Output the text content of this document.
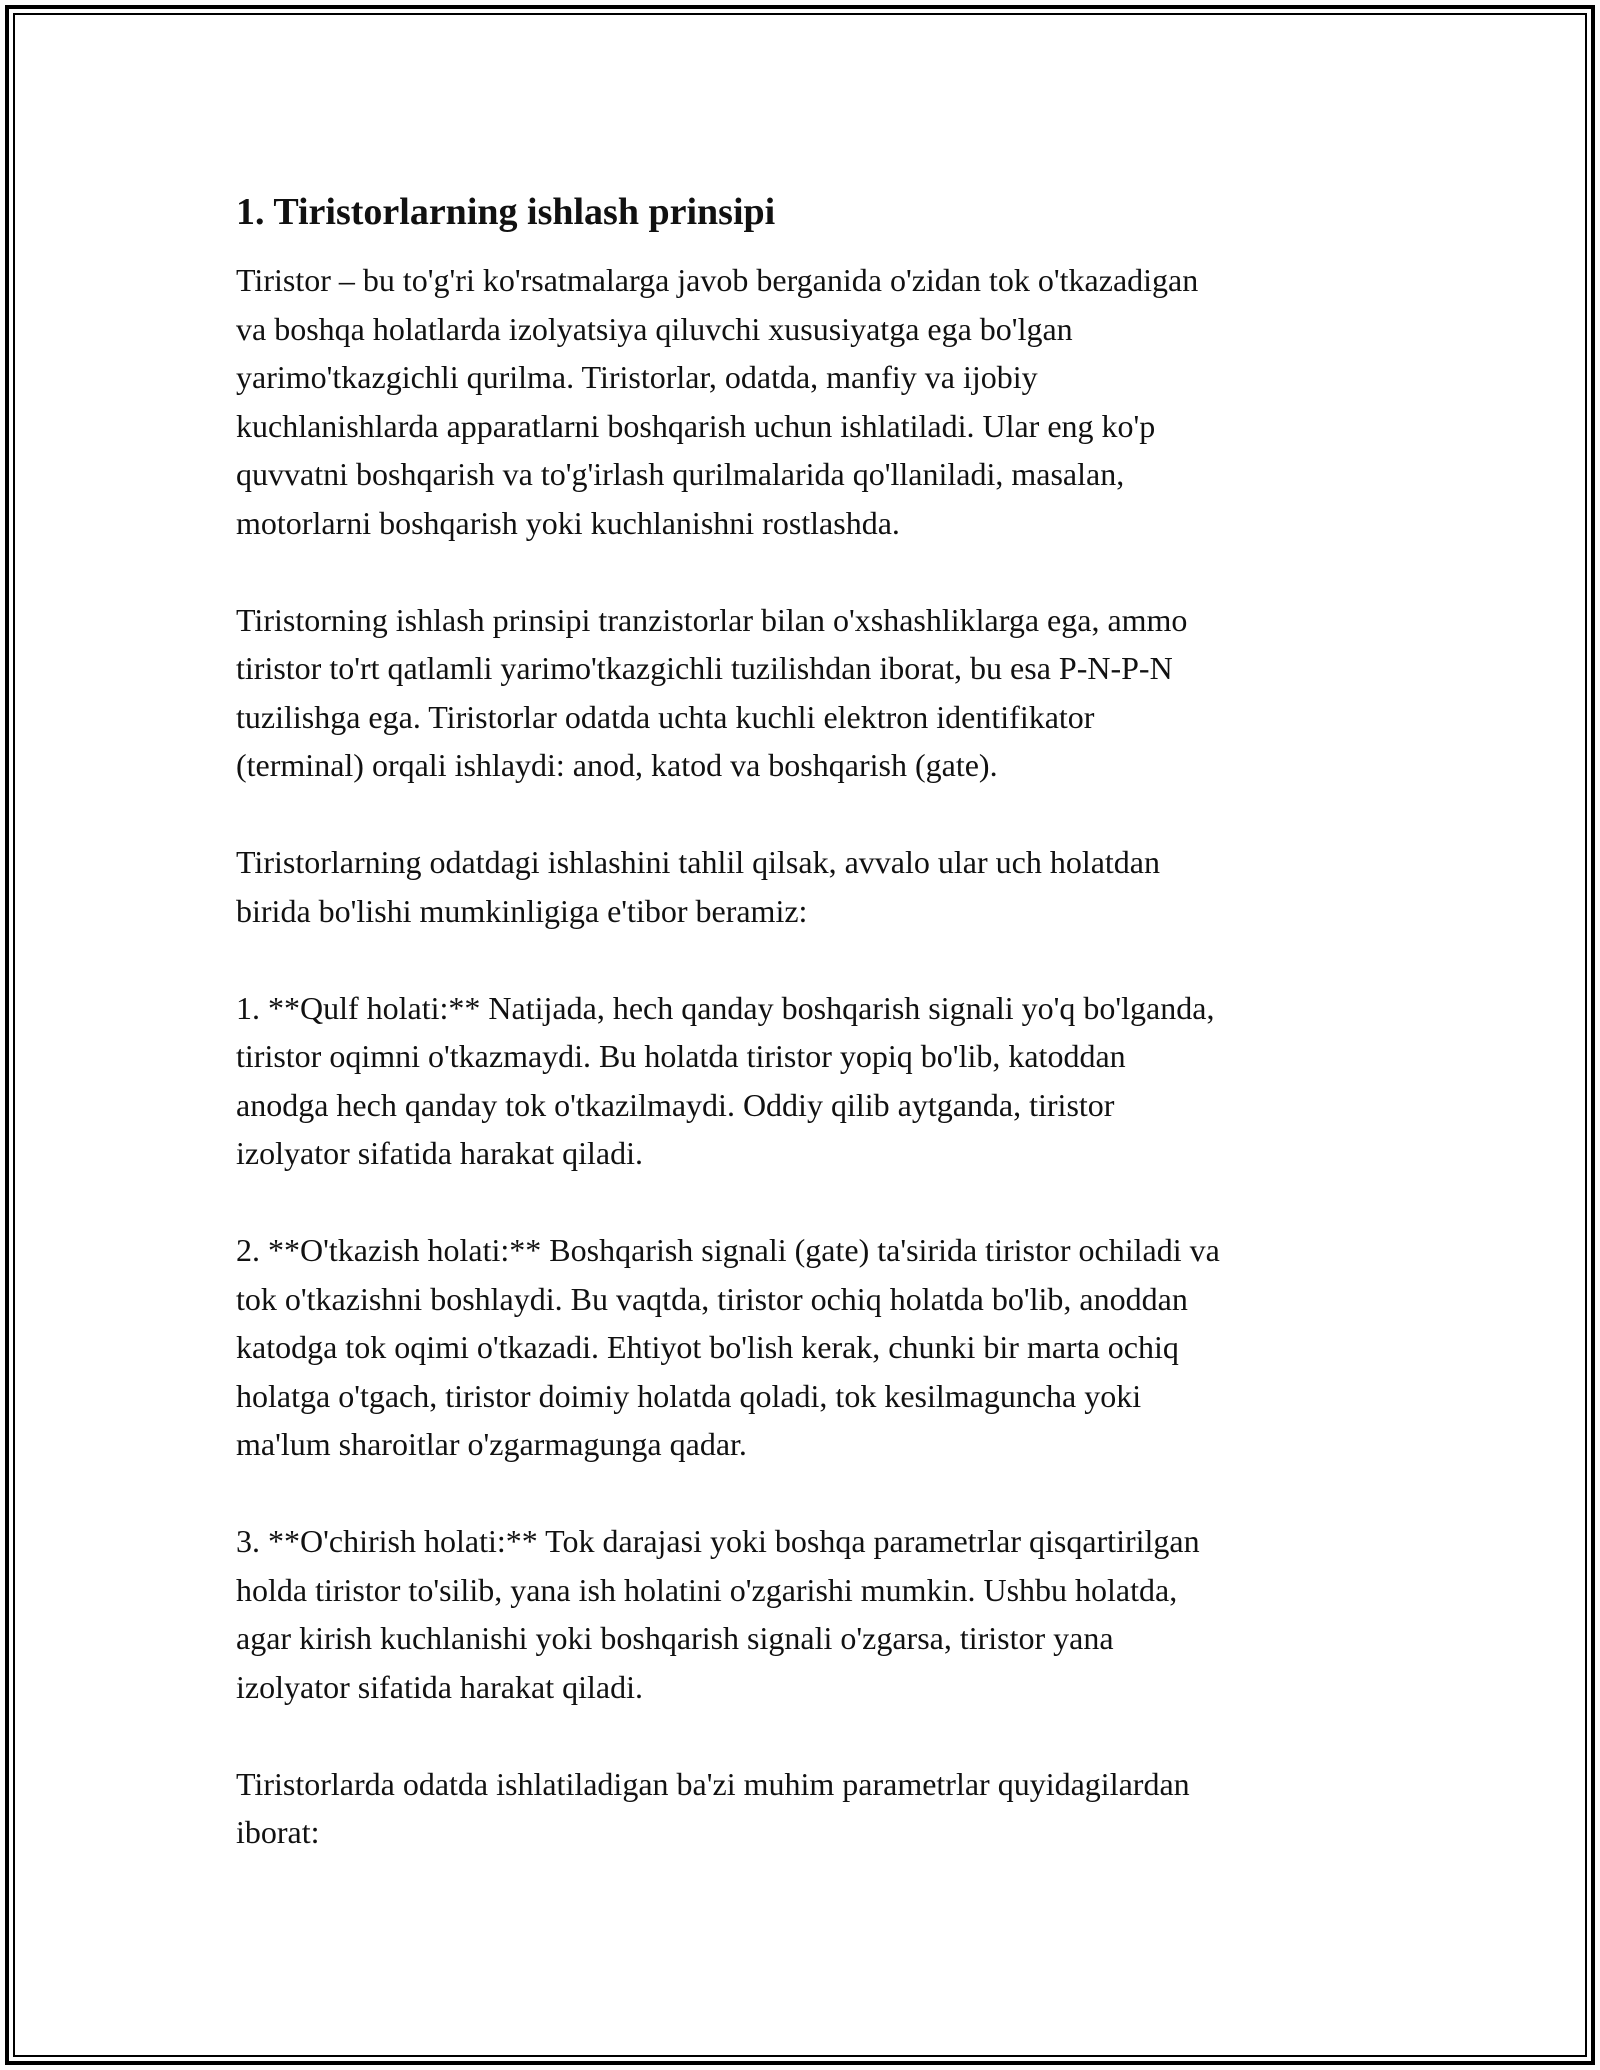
1. Tiristorlarning ishlash prinsipi

Tiristor – bu to'g'ri ko'rsatmalarga javob berganida o'zidan tok o'tkazadigan
va boshqa holatlarda izolyatsiya qiluvchi xususiyatga ega bo'lgan
yarimo'tkazgichli qurilma. Tiristorlar, odatda, manfiy va ijobiy
kuchlanishlarda apparatlarni boshqarish uchun ishlatiladi. Ular eng ko'p
quvvatni boshqarish va to'g'irlash qurilmalarida qo'llaniladi, masalan,
motorlarni boshqarish yoki kuchlanishni rostlashda.

Tiristorning ishlash prinsipi tranzistorlar bilan o'xshashliklarga ega, ammo
tiristor to'rt qatlamli yarimo'tkazgichli tuzilishdan iborat, bu esa P-N-P-N
tuzilishga ega. Tiristorlar odatda uchta kuchli elektron identifikator
(terminal) orqali ishlaydi: anod, katod va boshqarish (gate).

Tiristorlarning odatdagi ishlashini tahlil qilsak, avvalo ular uch holatdan
birida bo'lishi mumkinligiga e'tibor beramiz:

1. **Qulf holati:** Natijada, hech qanday boshqarish signali yo'q bo'lganda,
tiristor oqimni o'tkazmaydi. Bu holatda tiristor yopiq bo'lib, katoddan
anodga hech qanday tok o'tkazilmaydi. Oddiy qilib aytganda, tiristor
izolyator sifatida harakat qiladi.

2. **O'tkazish holati:** Boshqarish signali (gate) ta'sirida tiristor ochiladi va
tok o'tkazishni boshlaydi. Bu vaqtda, tiristor ochiq holatda bo'lib, anoddan
katodga tok oqimi o'tkazadi. Ehtiyot bo'lish kerak, chunki bir marta ochiq
holatga o'tgach, tiristor doimiy holatda qoladi, tok kesilmaguncha yoki
ma'lum sharoitlar o'zgarmagunga qadar.

3. **O'chirish holati:** Tok darajasi yoki boshqa parametrlar qisqartirilgan
holda tiristor to'silib, yana ish holatini o'zgarishi mumkin. Ushbu holatda,
agar kirish kuchlanishi yoki boshqarish signali o'zgarsa, tiristor yana
izolyator sifatida harakat qiladi.

Tiristorlarda odatda ishlatiladigan ba'zi muhim parametrlar quyidagilardan
iborat:
